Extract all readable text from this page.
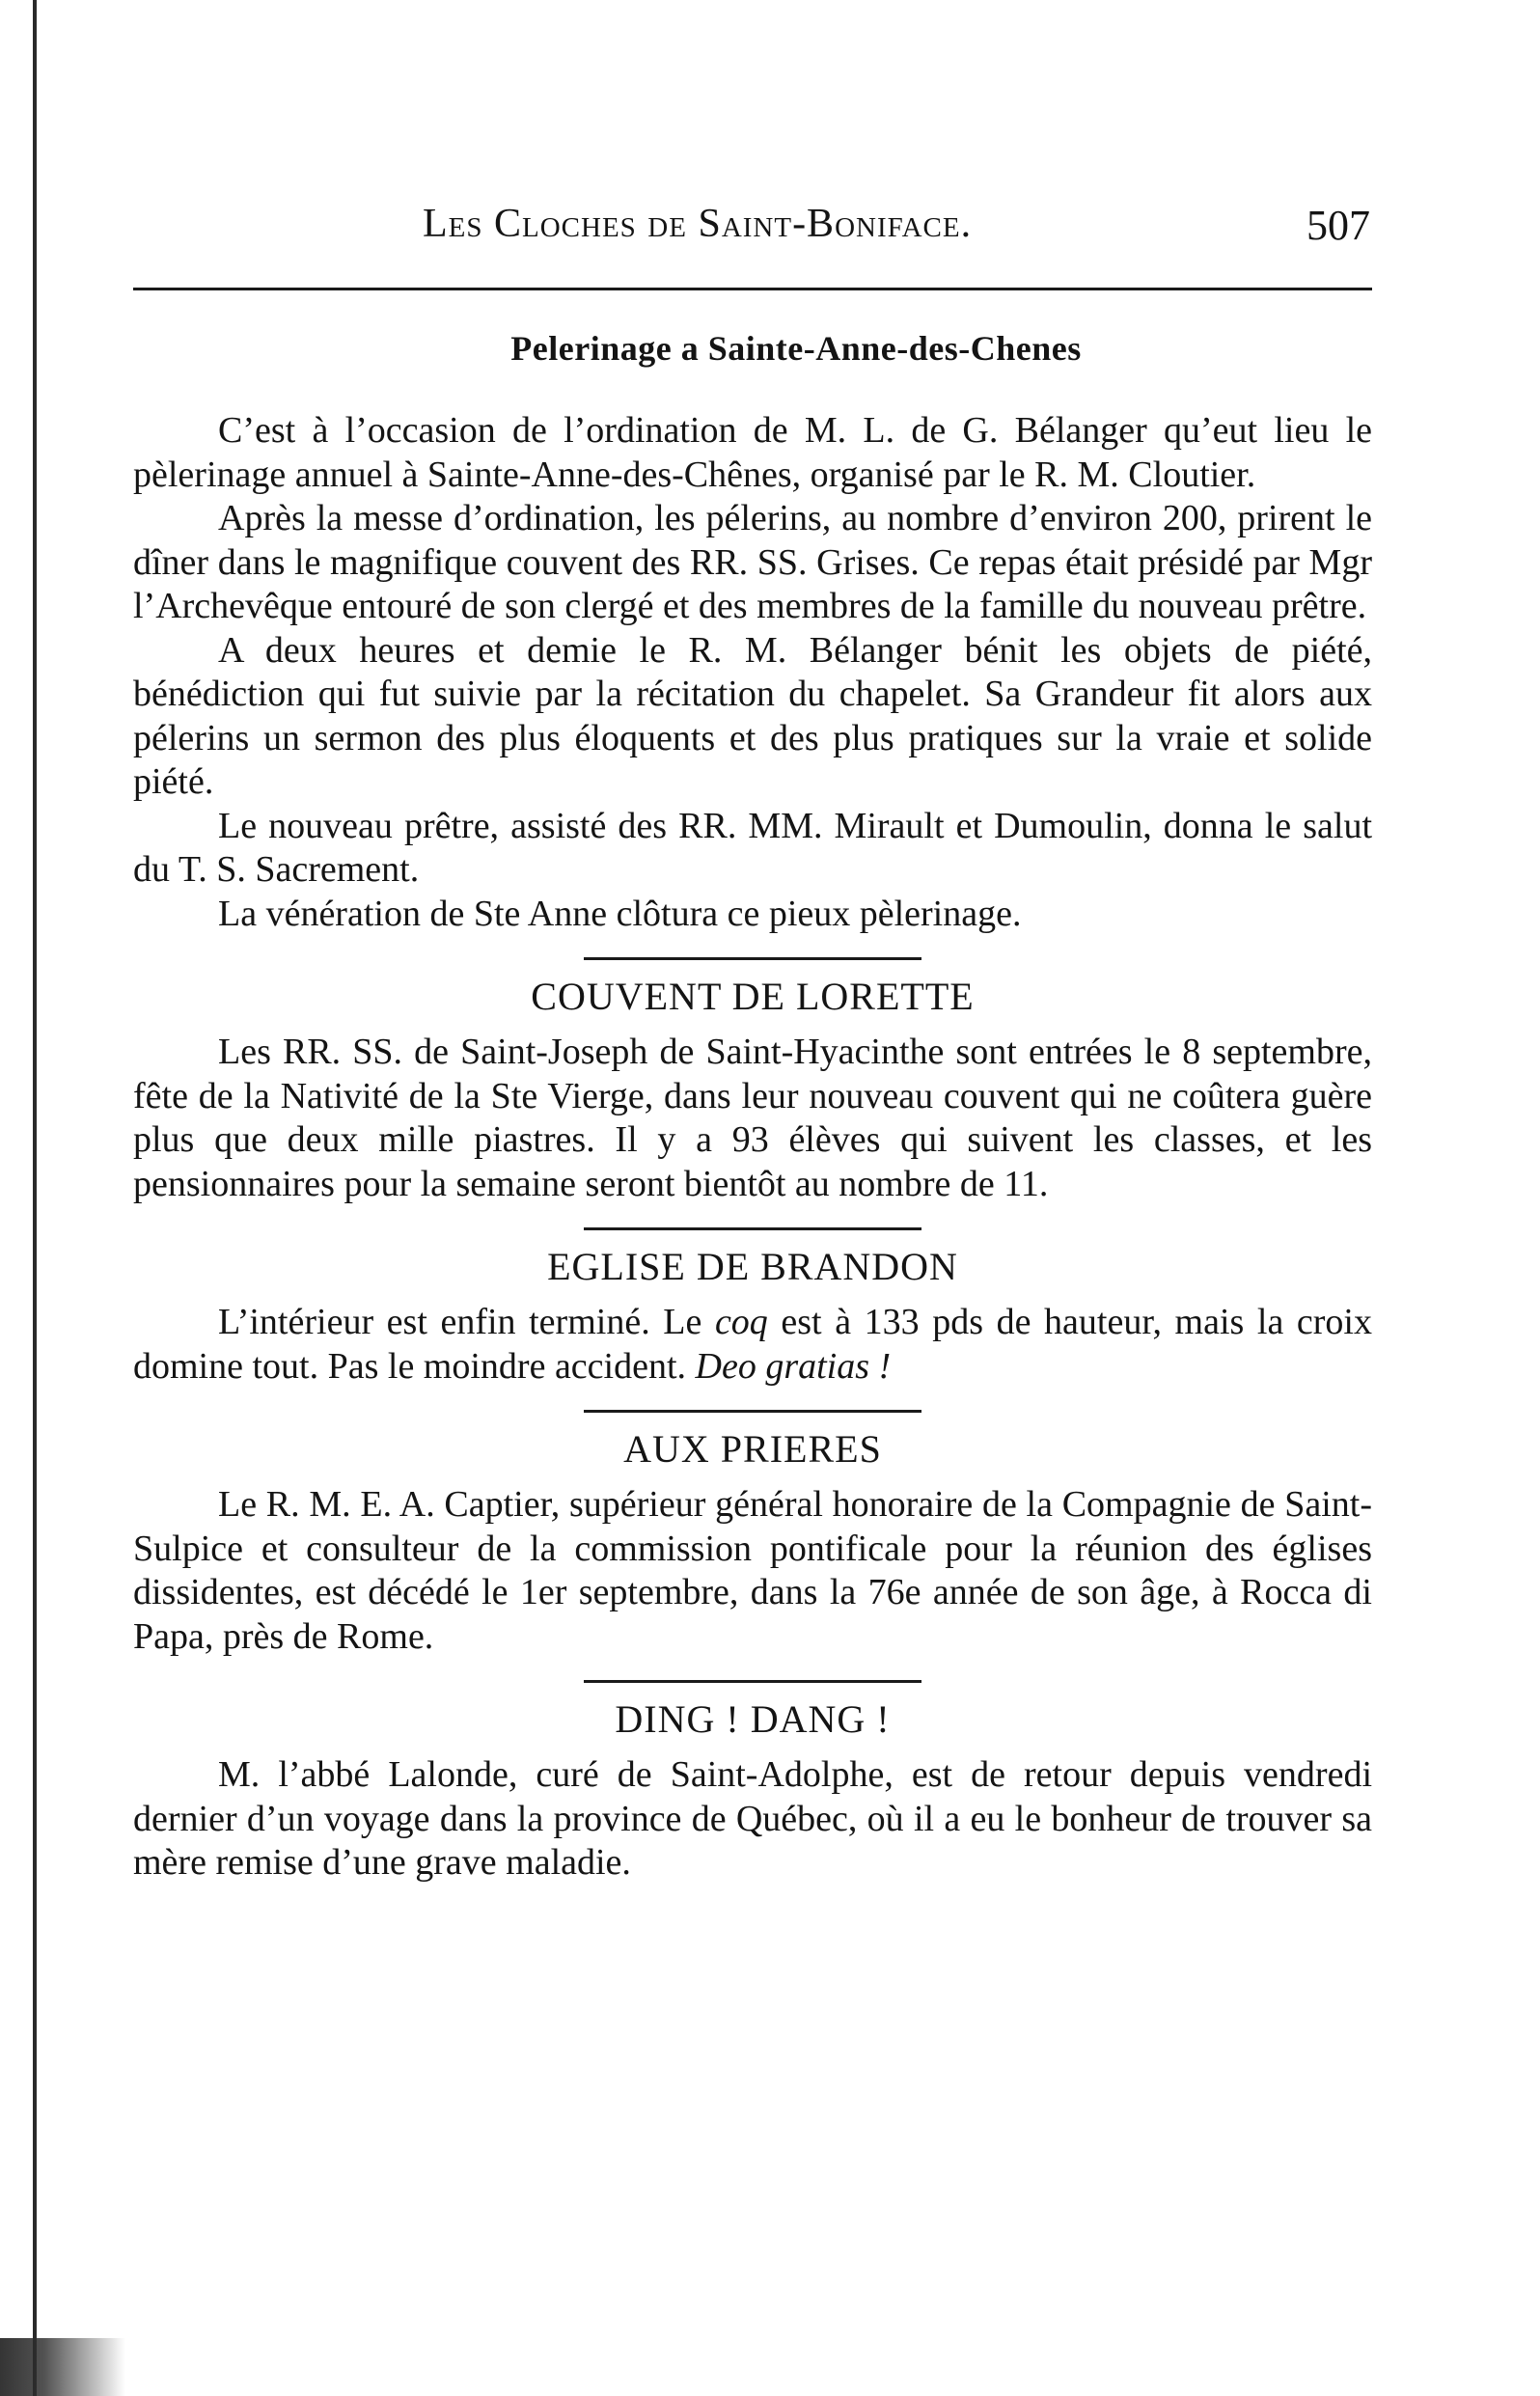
Les Cloches de Saint-Boniface.	507
Pelerinage a Sainte-Anne-des-Chenes

C’est à l’occasion de l’ordination de M. L. de G. Bélanger qu’eut lieu le pèlerinage annuel à Sainte-Anne-des-Chênes, organisé par le R. M. Cloutier.

Après la messe d’ordination, les pélerins, au nombre d’environ 200, prirent le dîner dans le magnifique couvent des RR. SS. Grises. Ce repas était présidé par Mgr l’Archevêque entouré de son clergé et des membres de la famille du nouveau prêtre.

A deux heures et demie le R. M. Bélanger bénit les objets de piété, bénédiction qui fut suivie par la récitation du chapelet. Sa Grandeur fit alors aux pélerins un sermon des plus éloquents et des plus pratiques sur la vraie et solide piété.

Le nouveau prêtre, assisté des RR. MM. Mirault et Dumoulin, donna le salut du T. S. Sacrement.

La vénération de Ste Anne clôtura ce pieux pèlerinage.

COUVENT DE LORETTE

Les RR. SS. de Saint-Joseph de Saint-Hyacinthe sont entrées le 8 septembre, fête de la Nativité de la Ste Vierge, dans leur nouveau couvent qui ne coûtera guère plus que deux mille piastres. Il y a 93 élèves qui suivent les classes, et les pensionnaires pour la semaine seront bientôt au nombre de 11.

EGLISE DE BRANDON

L’intérieur est enfin terminé. Le coq est à 133 pds de hauteur, mais la croix domine tout. Pas le moindre accident. Deo gratias !

AUX PRIERES

Le R. M. E. A. Captier, supérieur général honoraire de la Compagnie de Saint-Sulpice et consulteur de la commission pontificale pour la réunion des églises dissidentes, est décédé le 1er septembre, dans la 76e année de son âge, à Rocca di Papa, près de Rome.

DING ! DANG !

M. l’abbé Lalonde, curé de Saint-Adolphe, est de retour depuis vendredi dernier d’un voyage dans la province de Québec, où il a eu le bonheur de trouver sa mère remise d’une grave maladie.
